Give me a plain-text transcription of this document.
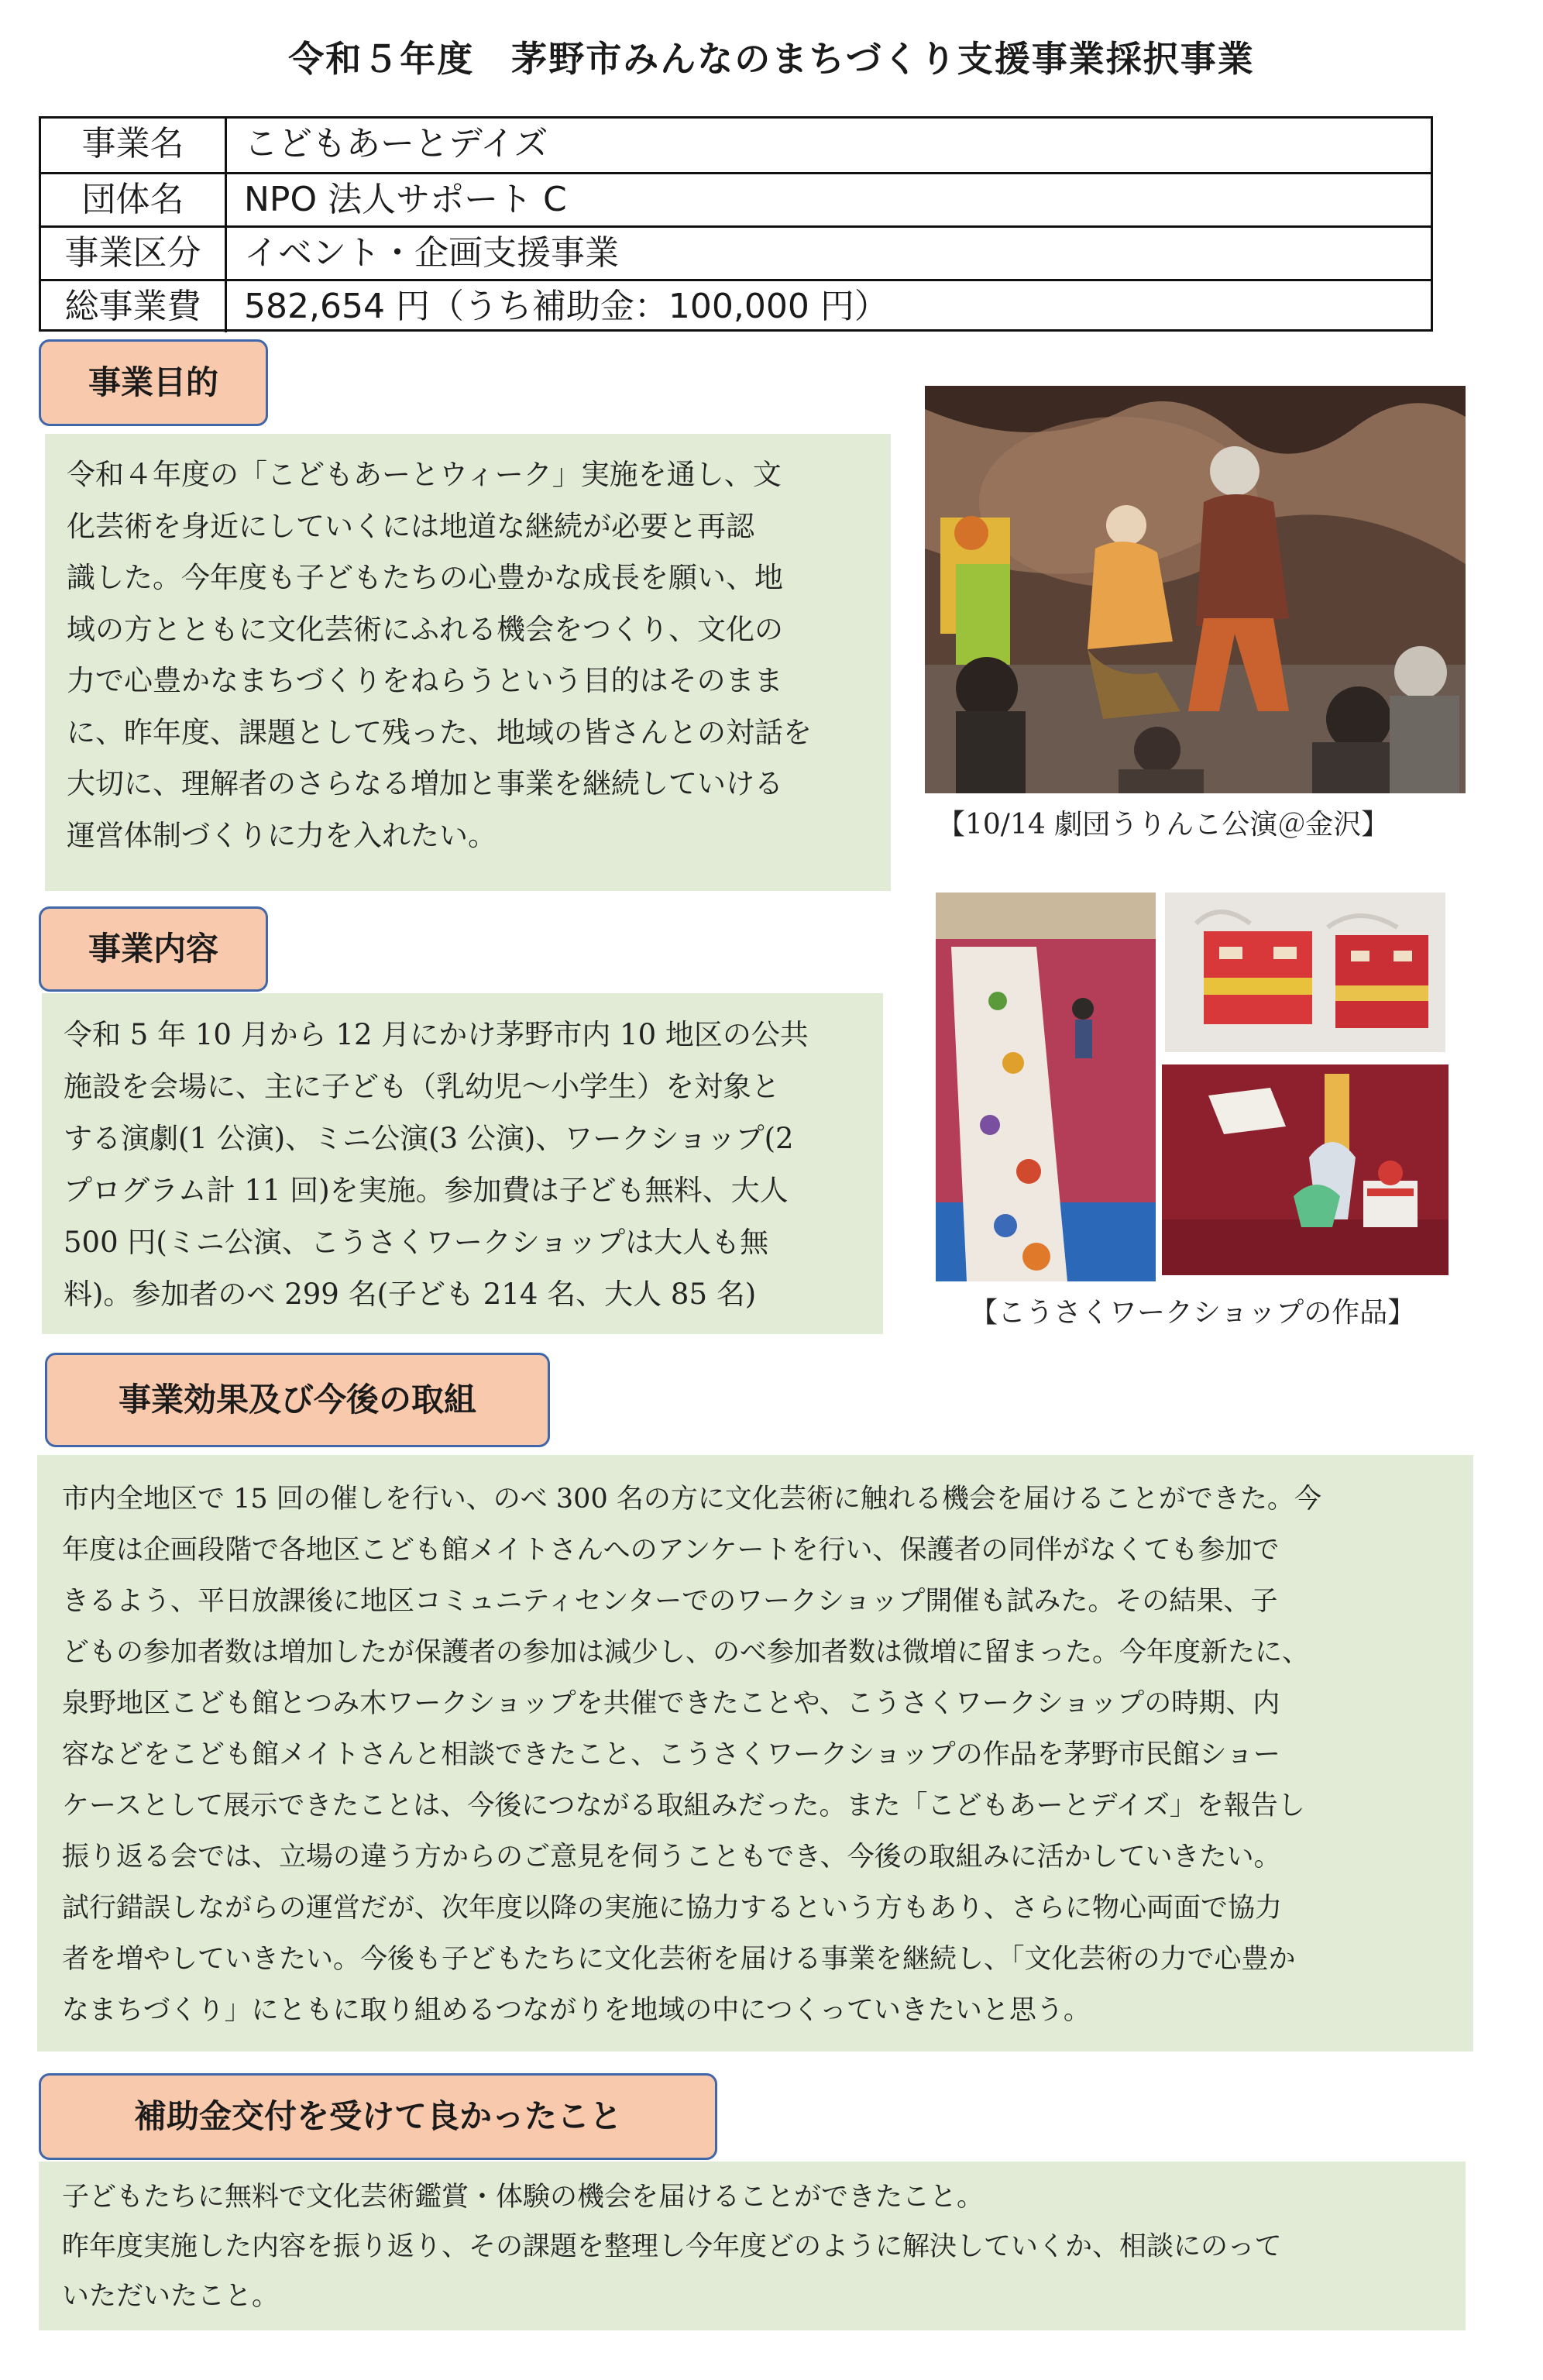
令和５年度　茅野市みんなのまちづくり支援事業採択事業
事業名	こどもあーとデイズ
団体名	NPO 法人サポート C
事業区分	イベント・企画支援事業
総事業費	582,654 円（うち補助金：100,000 円）
事業目的

令和４年度の「こどもあーとウィーク」実施を通し、文

化芸術を身近にしていくには地道な継続が必要と再認

識した。今年度も子どもたちの心豊かな成長を願い、地

域の方とともに文化芸術にふれる機会をつくり、文化の

力で心豊かなまちづくりをねらうという目的はそのまま

に、昨年度、課題として残った、地域の皆さんとの対話を

大切に、理解者のさらなる増加と事業を継続していける

運営体制づくりに力を入れたい。	【10/14 劇団うりんこ公演＠金沢】
事業内容

令和 5 年 10 月から 12 月にかけ茅野市内 10 地区の公共

施設を会場に、主に子ども（乳幼児〜小学生）を対象と

する演劇(1 公演)、ミニ公演(3 公演)、ワークショップ(2

プログラム計 11 回)を実施。参加費は子ども無料、大人

500 円(ミニ公演、こうさくワークショップは大人も無

料)。参加者のべ 299 名(子ども 214 名、大人 85 名)

【こうさくワークショップの作品】
事業効果及び今後の取組

市内全地区で 15 回の催しを行い、のべ 300 名の方に文化芸術に触れる機会を届けることができた。今

年度は企画段階で各地区こども館メイトさんへのアンケートを行い、保護者の同伴がなくても参加で

きるよう、平日放課後に地区コミュニティセンターでのワークショップ開催も試みた。その結果、子

どもの参加者数は増加したが保護者の参加は減少し、のべ参加者数は微増に留まった。今年度新たに、

泉野地区こども館とつみ木ワークショップを共催できたことや、こうさくワークショップの時期、内

容などをこども館メイトさんと相談できたこと、こうさくワークショップの作品を茅野市民館ショー

ケースとして展示できたことは、今後につながる取組みだった。また「こどもあーとデイズ」を報告し

振り返る会では、立場の違う方からのご意見を伺うこともでき、今後の取組みに活かしていきたい。

試行錯誤しながらの運営だが、次年度以降の実施に協力するという方もあり、さらに物心両面で協力

者を増やしていきたい。今後も子どもたちに文化芸術を届ける事業を継続し、「文化芸術の力で心豊か

なまちづくり」にともに取り組めるつながりを地域の中につくっていきたいと思う。

補助金交付を受けて良かったこと

子どもたちに無料で文化芸術鑑賞・体験の機会を届けることができたこと。

昨年度実施した内容を振り返り、その課題を整理し今年度どのように解決していくか、相談にのって

いただいたこと。
